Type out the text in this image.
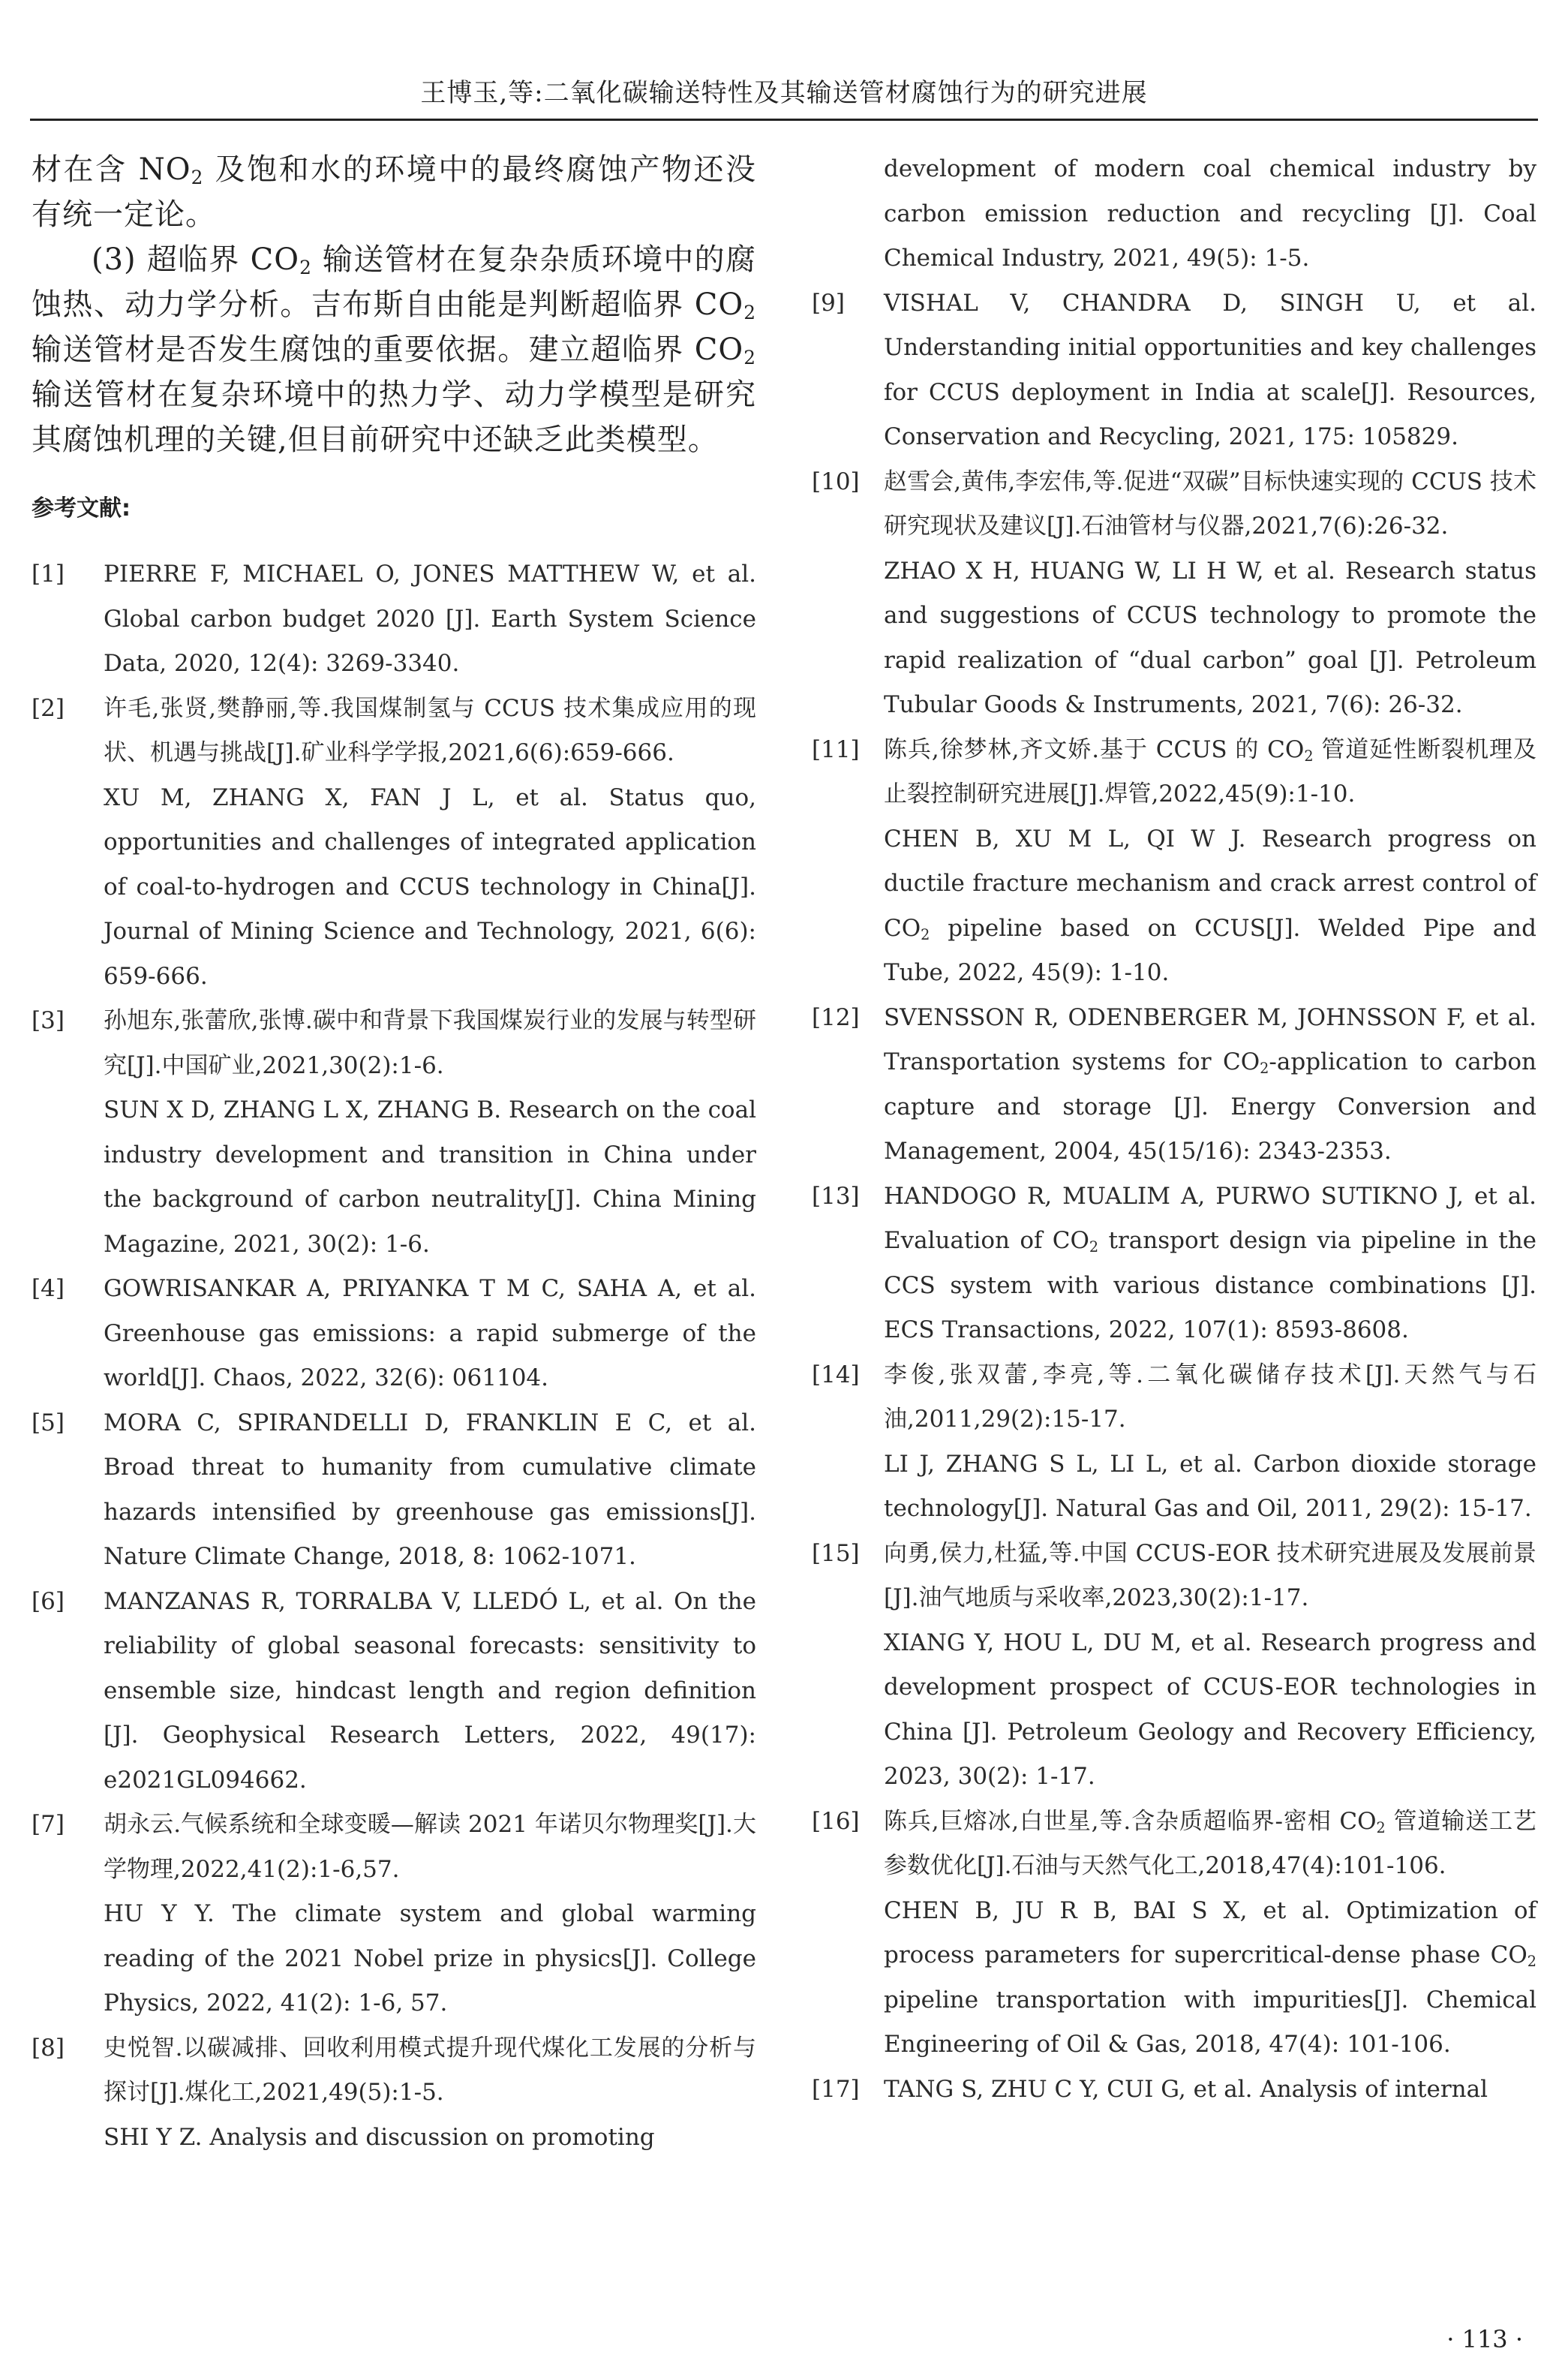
王博玉,等:二氧化碳输送特性及其输送管材腐蚀行为的研究进展

材在含 $NO_2$ 及饱和水的环境中的最终腐蚀产物还没有统一定论。

(3) 超临界 $CO_2$ 输送管材在复杂杂质环境中的腐蚀热、动力学分析。吉布斯自由能是判断超临界 $CO_2$ 输送管材是否发生腐蚀的重要依据。建立超临界 $CO_2$ 输送管材在复杂环境中的热力学、动力学模型是研究其腐蚀机理的关键,但目前研究中还缺乏此类模型。

参考文献:
[1]	PIERRE F, MICHAEL O, JONES MATTHEW W, et al. Global carbon budget 2020 [J]. Earth System Science Data, 2020, 12(4): 3269-3340.
[2]	许毛,张贤,樊静丽,等.我国煤制氢与 CCUS 技术集成应用的现状、机遇与挑战[J].矿业科学学报,2021,6(6):659-666.
XU M, ZHANG X, FAN J L, et al. Status quo, opportunities and challenges of integrated application of coal-to-hydrogen and CCUS technology in China[J]. Journal of Mining Science and Technology, 2021, 6(6): 659-666.
[3]	孙旭东,张蕾欣,张博.碳中和背景下我国煤炭行业的发展与转型研究[J].中国矿业,2021,30(2):1-6.
SUN X D, ZHANG L X, ZHANG B. Research on the coal industry development and transition in China under the background of carbon neutrality[J]. China Mining Magazine, 2021, 30(2): 1-6.
[4]	GOWRISANKAR A, PRIYANKA T M C, SAHA A, et al. Greenhouse gas emissions: a rapid submerge of the world[J]. Chaos, 2022, 32(6): 061104.
[5]	MORA C, SPIRANDELLI D, FRANKLIN E C, et al. Broad threat to humanity from cumulative climate hazards intensified by greenhouse gas emissions[J]. Nature Climate Change, 2018, 8: 1062-1071.
[6]	MANZANAS R, TORRALBA V, LLEDÓ L, et al. On the reliability of global seasonal forecasts: sensitivity to ensemble size, hindcast length and region definition [J]. Geophysical Research Letters, 2022, 49(17): e2021GL094662.
[7]	胡永云.气候系统和全球变暖—解读 2021 年诺贝尔物理奖[J].大学物理,2022,41(2):1-6,57.
HU Y Y. The climate system and global warming reading of the 2021 Nobel prize in physics[J]. College Physics, 2022, 41(2): 1-6, 57.
[8]	史悦智.以碳减排、回收利用模式提升现代煤化工发展的分析与探讨[J].煤化工,2021,49(5):1-5.
SHI Y Z. Analysis and discussion on promoting
development of modern coal chemical industry by carbon emission reduction and recycling [J]. Coal Chemical Industry, 2021, 49(5): 1-5.
[9]	VISHAL V, CHANDRA D, SINGH U, et al. Understanding initial opportunities and key challenges for CCUS deployment in India at scale[J]. Resources, Conservation and Recycling, 2021, 175: 105829.
[10]	赵雪会,黄伟,李宏伟,等.促进“双碳”目标快速实现的 CCUS 技术研究现状及建议[J].石油管材与仪器,2021,7(6):26-32.
ZHAO X H, HUANG W, LI H W, et al. Research status and suggestions of CCUS technology to promote the rapid realization of “dual carbon” goal [J]. Petroleum Tubular Goods & Instruments, 2021, 7(6): 26-32.
[11]	陈兵,徐梦林,齐文娇.基于 CCUS 的 $CO_2$ 管道延性断裂机理及止裂控制研究进展[J].焊管,2022,45(9):1-10.
CHEN B, XU M L, QI W J. Research progress on ductile fracture mechanism and crack arrest control of $CO_2$ pipeline based on CCUS[J]. Welded Pipe and Tube, 2022, 45(9): 1-10.
[12]	SVENSSON R, ODENBERGER M, JOHNSSON F, et al. Transportation systems for $CO_2$-application to carbon capture and storage [J]. Energy Conversion and Management, 2004, 45(15/16): 2343-2353.
[13]	HANDOGO R, MUALIM A, PURWO SUTIKNO J, et al. Evaluation of $CO_2$ transport design via pipeline in the CCS system with various distance combinations [J]. ECS Transactions, 2022, 107(1): 8593-8608.
[14]	李俊,张双蕾,李亮,等.二氧化碳储存技术[J].天然气与石油,2011,29(2):15-17.
LI J, ZHANG S L, LI L, et al. Carbon dioxide storage technology[J]. Natural Gas and Oil, 2011, 29(2): 15-17.
[15]	向勇,侯力,杜猛,等.中国 CCUS-EOR 技术研究进展及发展前景[J].油气地质与采收率,2023,30(2):1-17.
XIANG Y, HOU L, DU M, et al. Research progress and development prospect of CCUS-EOR technologies in China [J]. Petroleum Geology and Recovery Efficiency, 2023, 30(2): 1-17.
[16]	陈兵,巨熔冰,白世星,等.含杂质超临界-密相 $CO_2$ 管道输送工艺参数优化[J].石油与天然气化工,2018,47(4):101-106.
CHEN B, JU R B, BAI S X, et al. Optimization of process parameters for supercritical-dense phase $CO_2$ pipeline transportation with impurities[J]. Chemical Engineering of Oil & Gas, 2018, 47(4): 101-106.
[17]	TANG S, ZHU C Y, CUI G, et al. Analysis of internal
· 113 ·
